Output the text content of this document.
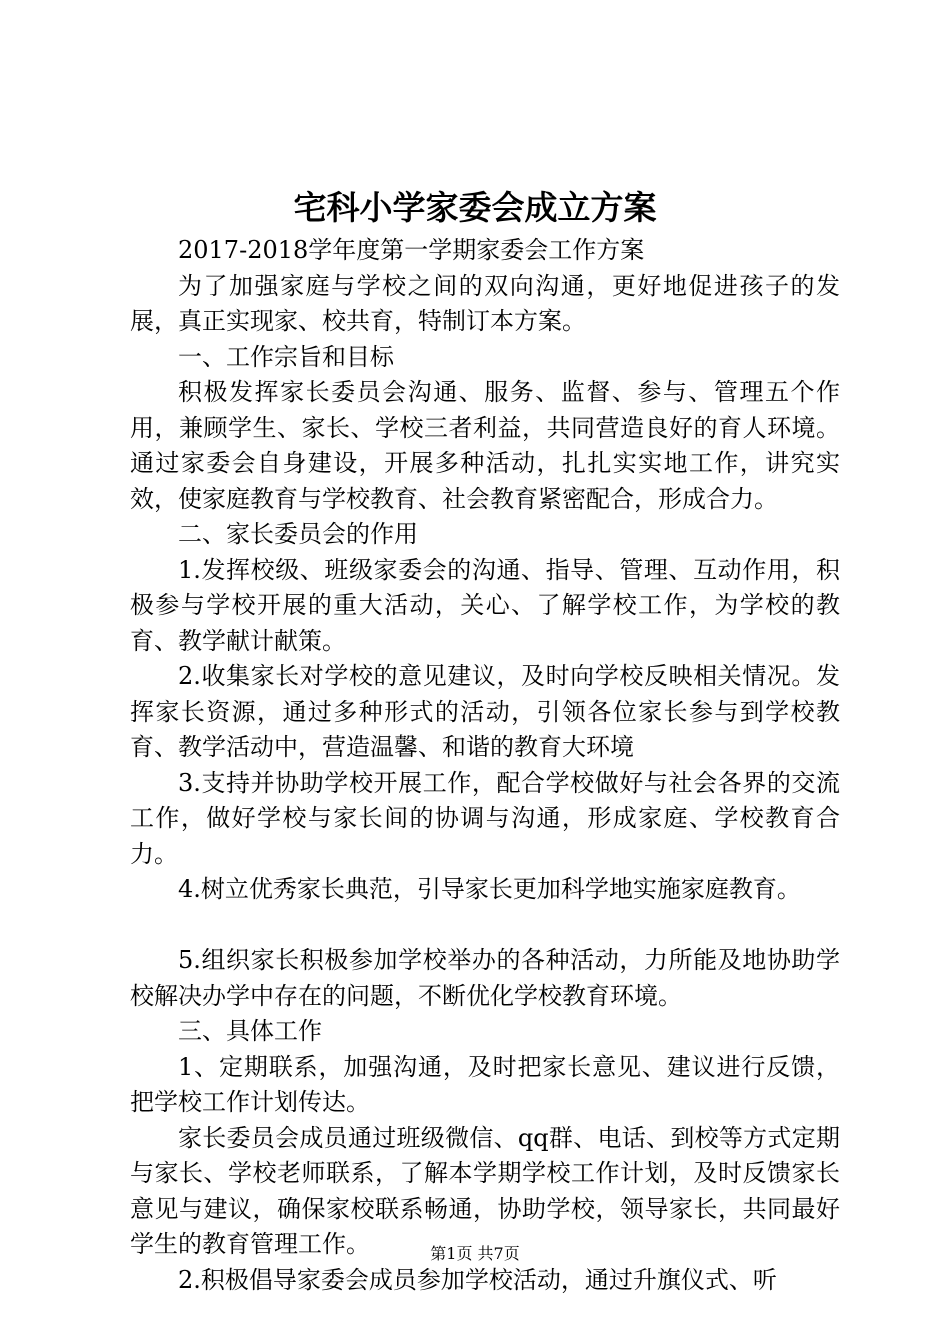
宅科小学家委会成立方案

2017-2018学年度第一学期家委会工作方案

为了加强家庭与学校之间的双向沟通，更好地促进孩子的发展，真正实现家、校共育，特制订本方案。

一、工作宗旨和目标

积极发挥家长委员会沟通、服务、监督、参与、管理五个作用，兼顾学生、家长、学校三者利益，共同营造良好的育人环境。通过家委会自身建设，开展多种活动，扎扎实实地工作，讲究实效，使家庭教育与学校教育、社会教育紧密配合，形成合力。

二、家长委员会的作用

1.发挥校级、班级家委会的沟通、指导、管理、互动作用，积极参与学校开展的重大活动，关心、了解学校工作，为学校的教育、教学献计献策。

2.收集家长对学校的意见建议，及时向学校反映相关情况。发挥家长资源，通过多种形式的活动，引领各位家长参与到学校教育、教学活动中，营造温馨、和谐的教育大环境

3.支持并协助学校开展工作，配合学校做好与社会各界的交流工作，做好学校与家长间的协调与沟通，形成家庭、学校教育合力。

4.树立优秀家长典范，引导家长更加科学地实施家庭教育。

5.组织家长积极参加学校举办的各种活动，力所能及地协助学校解决办学中存在的问题，不断优化学校教育环境。

三、具体工作

1、定期联系，加强沟通，及时把家长意见、建议进行反馈，把学校工作计划传达。

家长委员会成员通过班级微信、qq群、电话、到校等方式定期与家长、学校老师联系，了解本学期学校工作计划，及时反馈家长意见与建议，确保家校联系畅通，协助学校，领导家长，共同最好学生的教育管理工作。

2.积极倡导家委会成员参加学校活动，通过升旗仪式、听

第1页 共7页
